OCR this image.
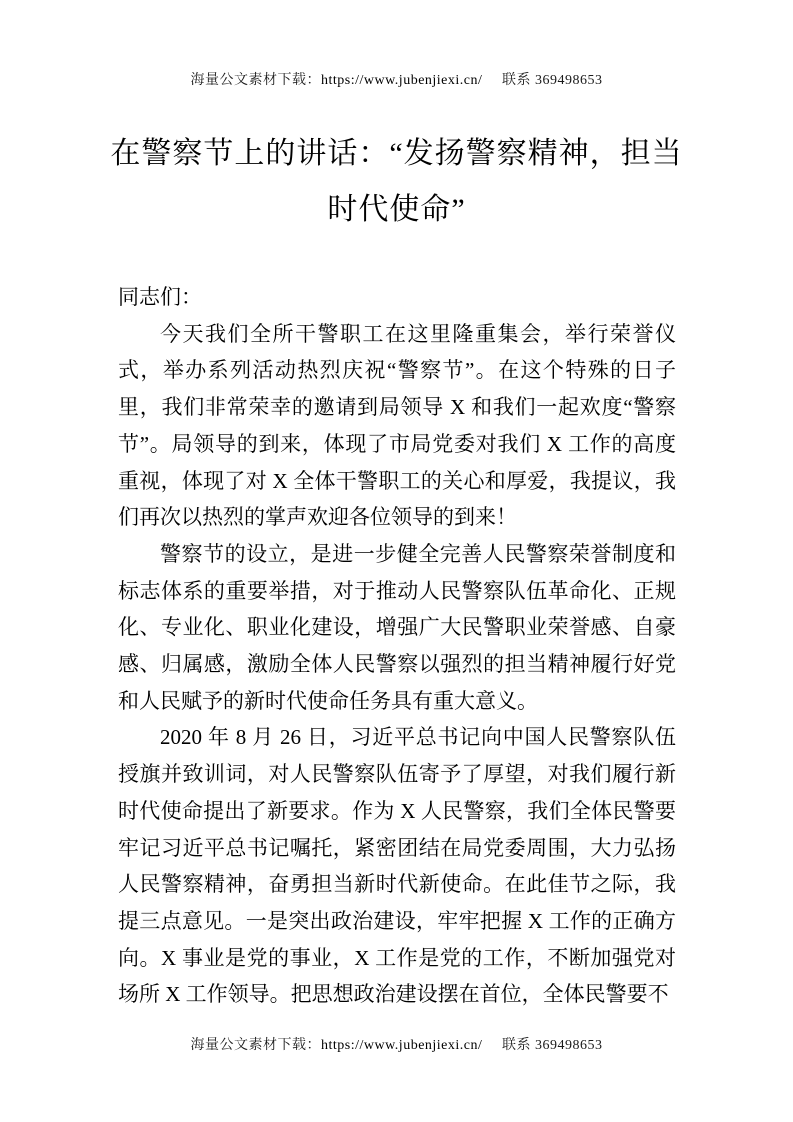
海量公文素材下载：https://www.jubenjiexi.cn/ 联系 369498653
在警察节上的讲话：“发扬警察精神，担当时代使命”

同志们：

今天我们全所干警职工在这里隆重集会，举行荣誉仪式，举办系列活动热烈庆祝“警察节”。在这个特殊的日子里，我们非常荣幸的邀请到局领导 X 和我们一起欢度“警察节”。局领导的到来，体现了市局党委对我们 X 工作的高度重视，体现了对 X 全体干警职工的关心和厚爱，我提议，我们再次以热烈的掌声欢迎各位领导的到来！

警察节的设立，是进一步健全完善人民警察荣誉制度和标志体系的重要举措，对于推动人民警察队伍革命化、正规化、专业化、职业化建设，增强广大民警职业荣誉感、自豪感、归属感，激励全体人民警察以强烈的担当精神履行好党和人民赋予的新时代使命任务具有重大意义。

2020 年 8 月 26 日，习近平总书记向中国人民警察队伍授旗并致训词，对人民警察队伍寄予了厚望，对我们履行新时代使命提出了新要求。作为 X 人民警察，我们全体民警要牢记习近平总书记嘱托，紧密团结在局党委周围，大力弘扬人民警察精神，奋勇担当新时代新使命。在此佳节之际，我提三点意见。一是突出政治建设，牢牢把握 X 工作的正确方向。X 事业是党的事业，X 工作是党的工作，不断加强党对场所 X 工作领导。把思想政治建设摆在首位，全体民警要不

海量公文素材下载：https://www.jubenjiexi.cn/ 联系 369498653
